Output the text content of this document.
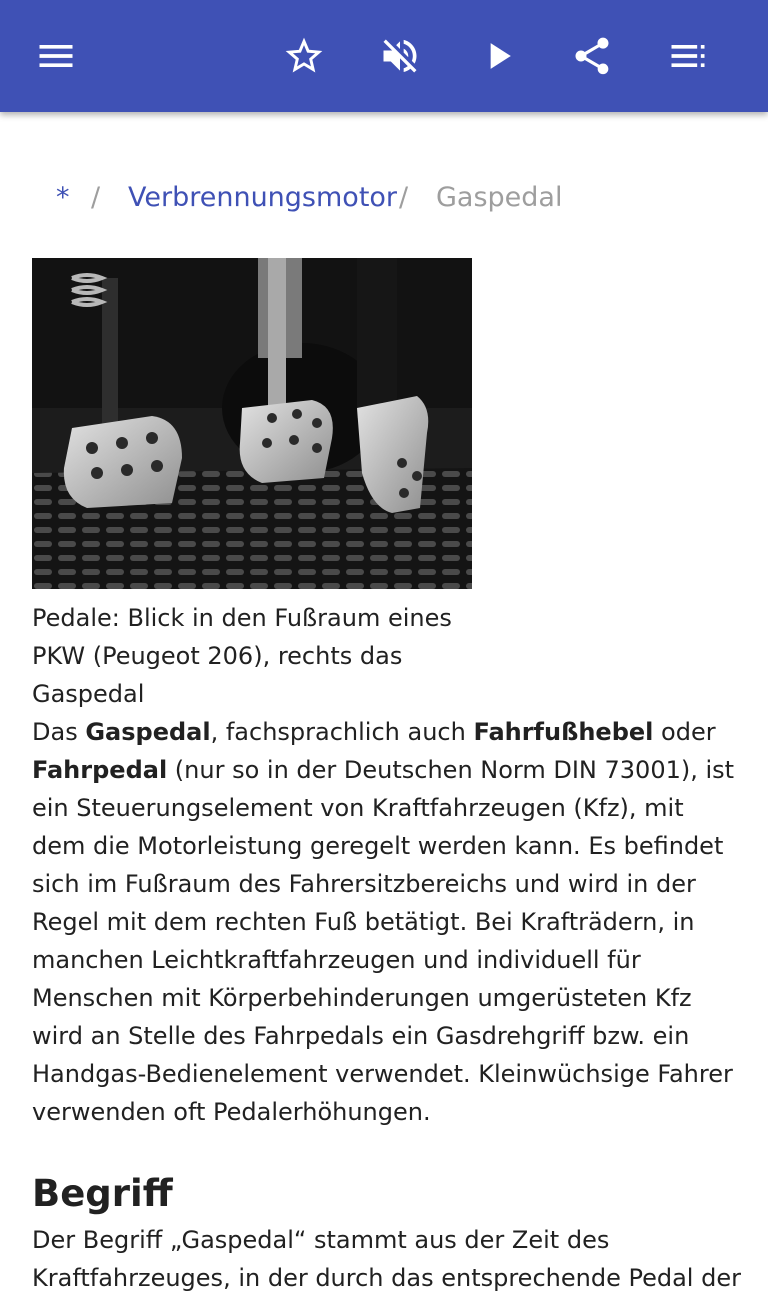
* / Verbrennungsmotor / Gaspedal

Pedale: Blick in den Fußraum eines PKW (Peugeot 206), rechts das Gaspedal

Das Gaspedal, fachsprachlich auch Fahrfußhebel oder Fahrpedal (nur so in der Deutschen Norm DIN 73001), ist ein Steuerungselement von Kraftfahrzeugen (Kfz), mit dem die Motorleistung geregelt werden kann. Es befindet sich im Fußraum des Fahrersitzbereichs und wird in der Regel mit dem rechten Fuß betätigt. Bei Krafträdern, in manchen Leichtkraftfahrzeugen und individuell für Menschen mit Körperbehinderungen umgerüsteten Kfz wird an Stelle des Fahrpedals ein Gasdrehgriff bzw. ein Handgas-Bedienelement verwendet. Kleinwüchsige Fahrer verwenden oft Pedalerhöhungen.

Begriff
Der Begriff „Gaspedal“ stammt aus der Zeit des
Kraftfahrzeuges, in der durch das entsprechende Pedal der
